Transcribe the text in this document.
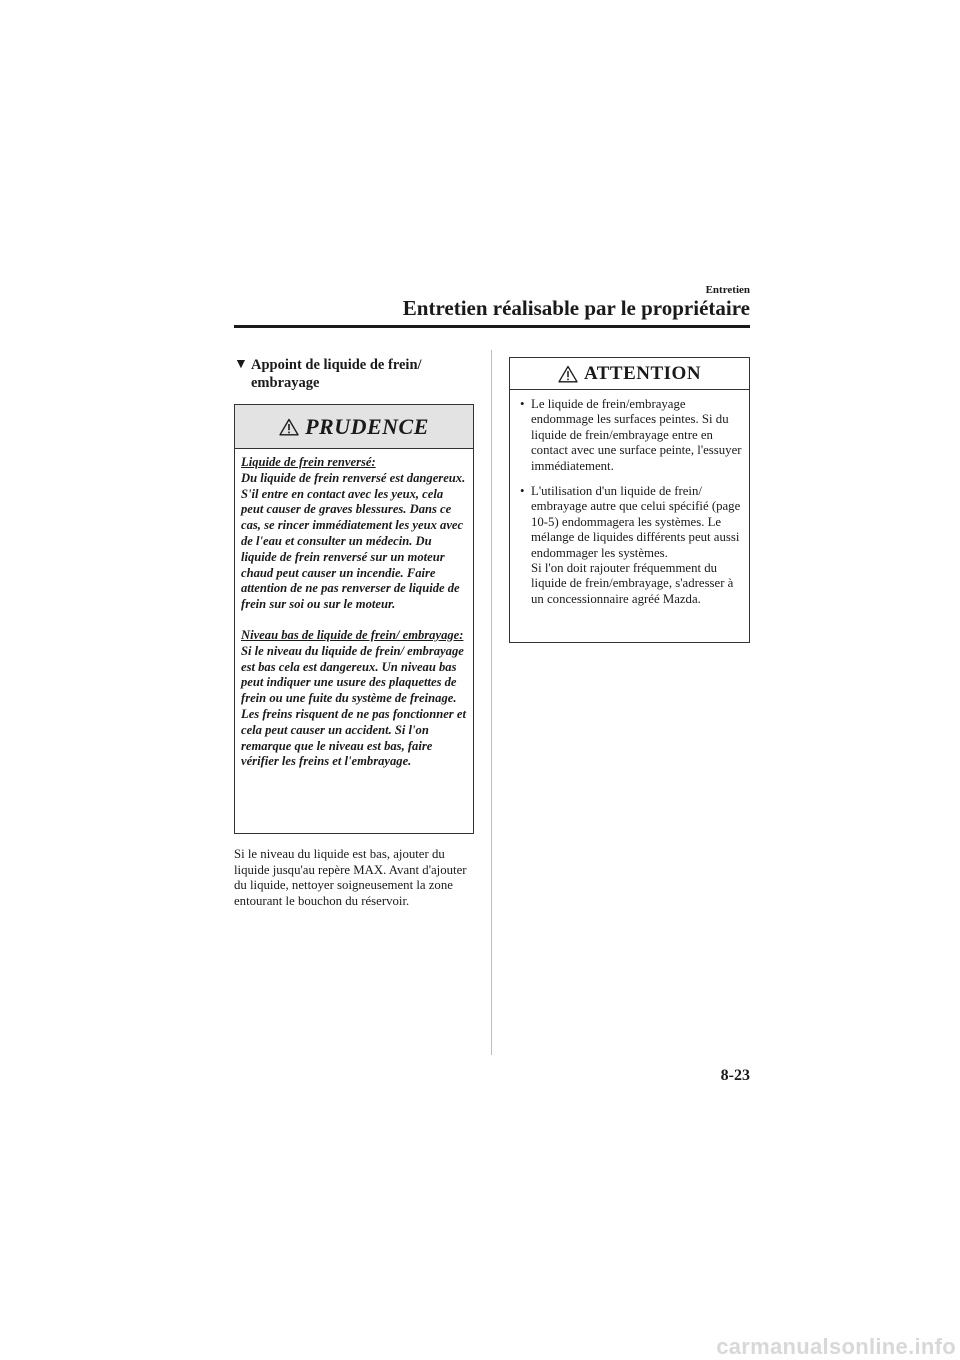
Entretien
Entretien réalisable par le propriétaire
▼ Appoint de liquide de frein/ embrayage
PRUDENCE
Liquide de frein renversé:
Du liquide de frein renversé est dangereux. S'il entre en contact avec les yeux, cela peut causer de graves blessures. Dans ce cas, se rincer immédiatement les yeux avec de l'eau et consulter un médecin. Du liquide de frein renversé sur un moteur chaud peut causer un incendie. Faire attention de ne pas renverser de liquide de frein sur soi ou sur le moteur.
Niveau bas de liquide de frein/ embrayage:
Si le niveau du liquide de frein/ embrayage est bas cela est dangereux. Un niveau bas peut indiquer une usure des plaquettes de frein ou une fuite du système de freinage. Les freins risquent de ne pas fonctionner et cela peut causer un accident. Si l'on remarque que le niveau est bas, faire vérifier les freins et l'embrayage.
Si le niveau du liquide est bas, ajouter du liquide jusqu'au repère MAX. Avant d'ajouter du liquide, nettoyer soigneusement la zone entourant le bouchon du réservoir.
ATTENTION
• Le liquide de frein/embrayage endommage les surfaces peintes. Si du liquide de frein/embrayage entre en contact avec une surface peinte, l'essuyer immédiatement.
• L'utilisation d'un liquide de frein/ embrayage autre que celui spécifié (page 10-5) endommagera les systèmes. Le mélange de liquides différents peut aussi endommager les systèmes.
Si l'on doit rajouter fréquemment du liquide de frein/embrayage, s'adresser à un concessionnaire agréé Mazda.
8-23
carmanualsonline.info
